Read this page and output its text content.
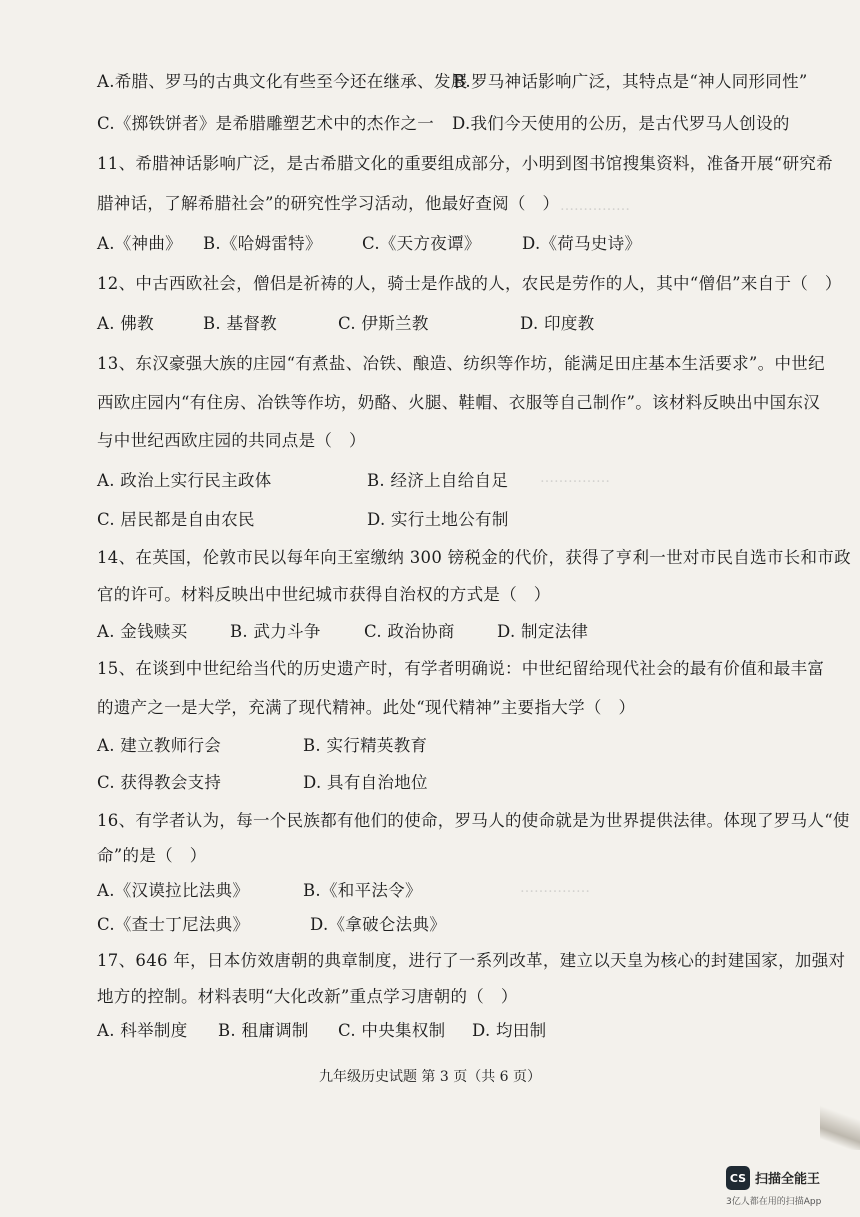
……………
……………
……………
A.希腊、罗马的古典文化有些至今还在继承、发展
B.罗马神话影响广泛，其特点是“神人同形同性”
C.《掷铁饼者》是希腊雕塑艺术中的杰作之一 D.我们今天使用的公历，是古代罗马人创设的
11、希腊神话影响广泛，是古希腊文化的重要组成部分，小明到图书馆搜集资料，准备开展“研究希
腊神话，了解希腊社会”的研究性学习活动，他最好查阅（　）
A.《神曲》 B.《哈姆雷特》 C.《天方夜谭》	D.《荷马史诗》
12、中古西欧社会，僧侣是祈祷的人，骑士是作战的人，农民是劳作的人，其中“僧侣”来自于（　）
A. 佛教	B. 基督教	C. 伊斯兰教	D. 印度教
13、东汉豪强大族的庄园“有煮盐、冶铁、酿造、纺织等作坊，能满足田庄基本生活要求”。中世纪
西欧庄园内“有住房、冶铁等作坊，奶酪、火腿、鞋帽、衣服等自己制作”。该材料反映出中国东汉
与中世纪西欧庄园的共同点是（　）
A. 政治上实行民主政体	B. 经济上自给自足
C. 居民都是自由农民	D. 实行土地公有制
14、在英国，伦敦市民以每年向王室缴纳 300 镑税金的代价，获得了亨利一世对市民自选市长和市政
官的许可。材料反映出中世纪城市获得自治权的方式是（　）
A. 金钱赎买	B. 武力斗争	C. 政治协商	D. 制定法律
15、在谈到中世纪给当代的历史遗产时，有学者明确说：中世纪留给现代社会的最有价值和最丰富
的遗产之一是大学，充满了现代精神。此处“现代精神”主要指大学（　）
A. 建立教师行会	B. 实行精英教育
C. 获得教会支持	D. 具有自治地位
16、有学者认为，每一个民族都有他们的使命，罗马人的使命就是为世界提供法律。体现了罗马人“使
命”的是（　）
A.《汉谟拉比法典》	B.《和平法令》
C.《查士丁尼法典》	D.《拿破仑法典》
17、646 年，日本仿效唐朝的典章制度，进行了一系列改革，建立以天皇为核心的封建国家，加强对
地方的控制。材料表明“大化改新”重点学习唐朝的（　）
A. 科举制度 B. 租庸调制 C. 中央集权制 D. 均田制
九年级历史试题 第 3 页（共 6 页）
CS 扫描全能王
3亿人都在用的扫描App
